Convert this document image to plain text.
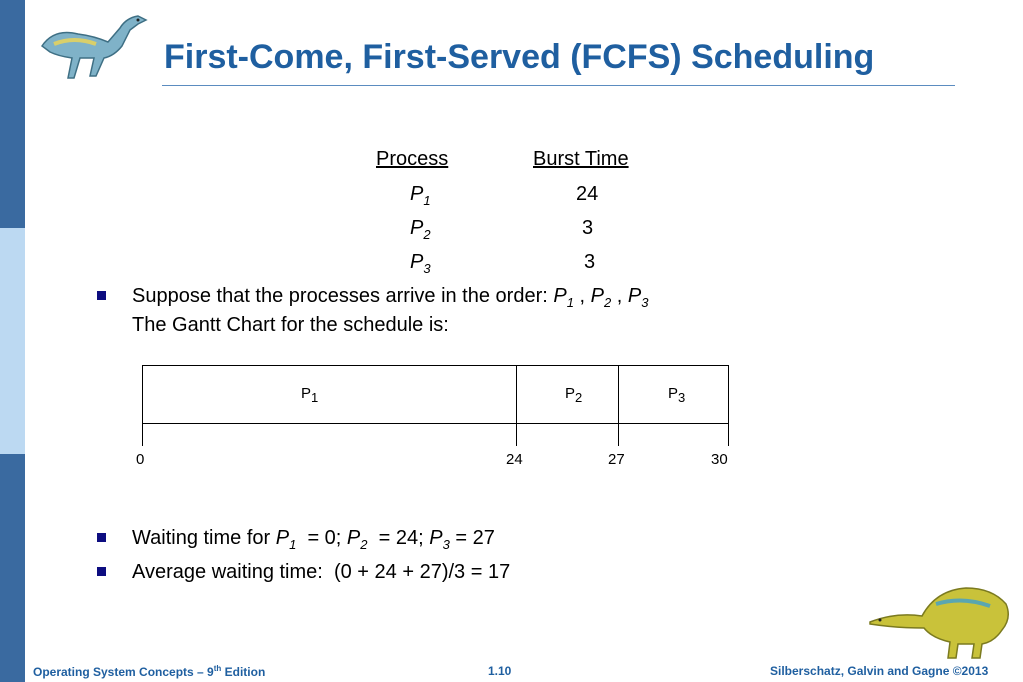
First-Come, First-Served (FCFS) Scheduling
Process	Burst Time
$P_1$	24
$P_2$	3
$P_3$	3
Suppose that the processes arrive in the order: $P_1$ , $P_2$ , $P_3$
The Gantt Chart for the schedule is:
$P_1$	$P_2$	$P_3$
0	24	27	30
Waiting time for $P_1 = 0$; $P_2 = 24$; $P_3 = 27$
Average waiting time:  (0 + 24 + 27)/3 = 17
Operating System Concepts – 9th Edition	1.10	Silberschatz, Galvin and Gagne ©2013
